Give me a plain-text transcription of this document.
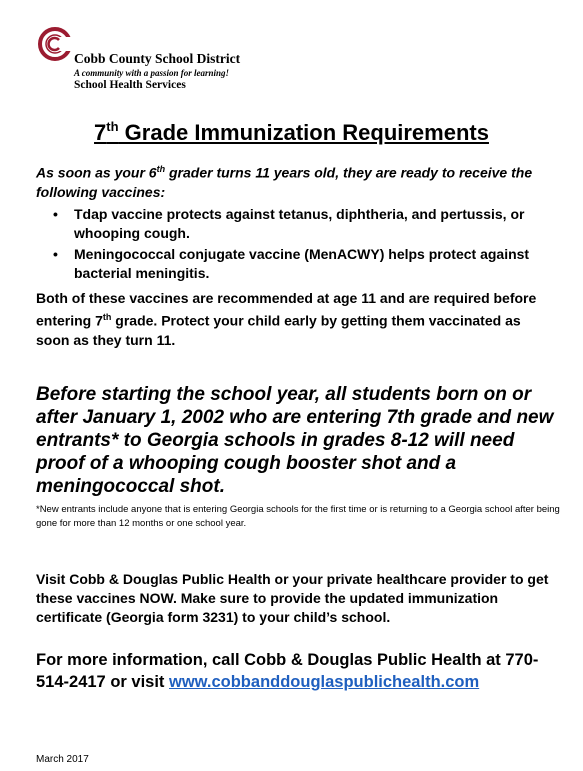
Cobb County School District
A community with a passion for learning!
School Health Services
7th Grade Immunization Requirements
As soon as your 6th grader turns 11 years old, they are ready to receive the following vaccines:
• Tdap vaccine protects against tetanus, diphtheria, and pertussis, or whooping cough.
• Meningococcal conjugate vaccine (MenACWY) helps protect against bacterial meningitis.
Both of these vaccines are recommended at age 11 and are required before entering 7th grade. Protect your child early by getting them vaccinated as soon as they turn 11.
Before starting the school year, all students born on or after January 1, 2002 who are entering 7th grade and new entrants* to Georgia schools in grades 8-12 will need proof of a whooping cough booster shot and a meningococcal shot.
*New entrants include anyone that is entering Georgia schools for the first time or is returning to a Georgia school after being gone for more than 12 months or one school year.
Visit Cobb & Douglas Public Health or your private healthcare provider to get these vaccines NOW. Make sure to provide the updated immunization certificate (Georgia form 3231) to your child’s school.
For more information, call Cobb & Douglas Public Health at 770-514-2417 or visit www.cobbanddouglaspublichealth.com
March 2017
